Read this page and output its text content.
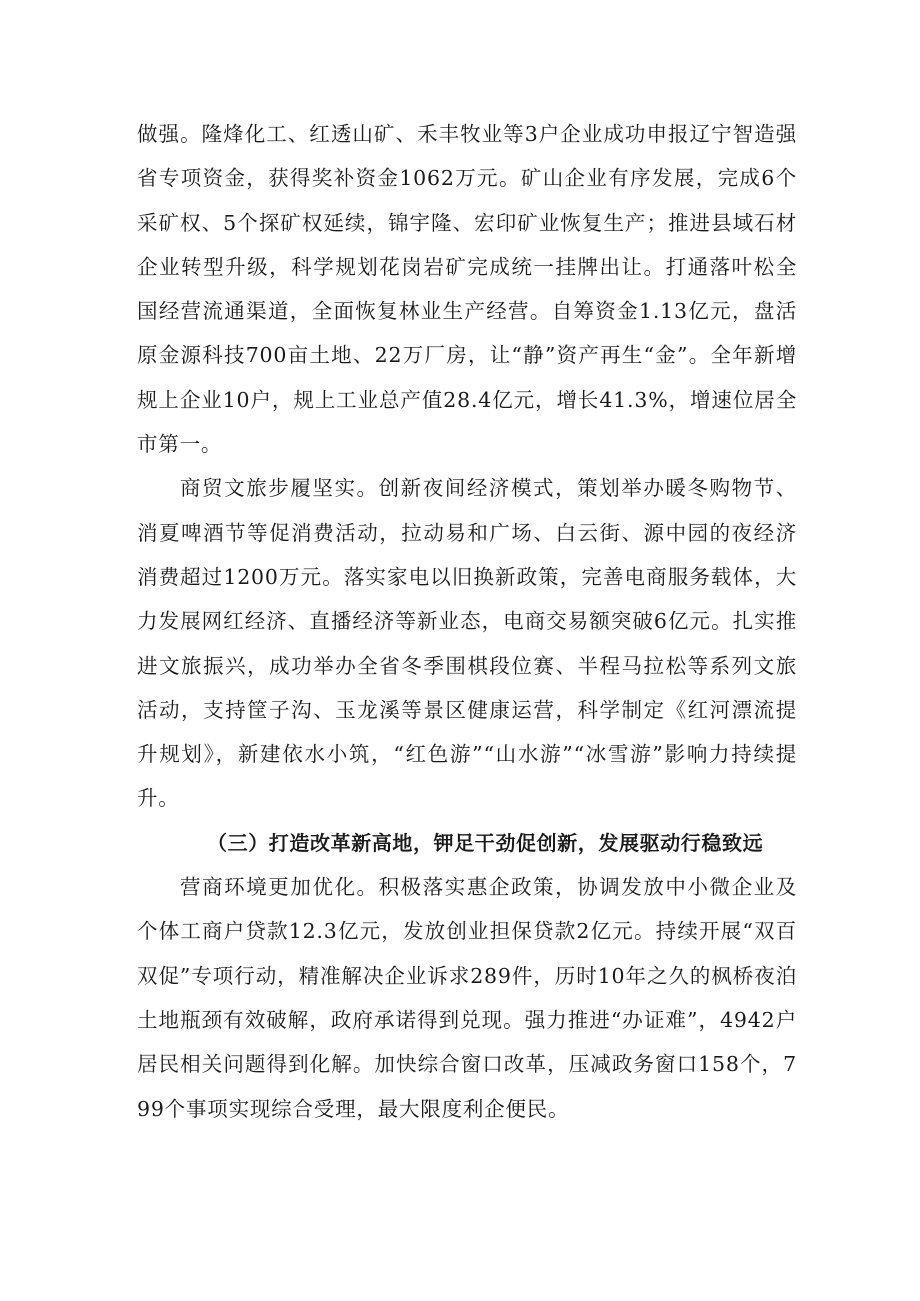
做强。隆烽化工、红透山矿、禾丰牧业等3户企业成功申报辽宁智造强省专项资金，获得奖补资金1062万元。矿山企业有序发展，完成6个采矿权、5个探矿权延续，锦宇隆、宏印矿业恢复生产；推进县域石材企业转型升级，科学规划花岗岩矿完成统一挂牌出让。打通落叶松全国经营流通渠道，全面恢复林业生产经营。自筹资金1.13亿元，盘活原金源科技700亩土地、22万厂房，让“静”资产再生“金”。全年新增规上企业10户，规上工业总产值28.4亿元，增长41.3%，增速位居全市第一。

商贸文旅步履坚实。创新夜间经济模式，策划举办暖冬购物节、消夏啤酒节等促消费活动，拉动易和广场、白云街、源中园的夜经济消费超过1200万元。落实家电以旧换新政策，完善电商服务载体，大力发展网红经济、直播经济等新业态，电商交易额突破6亿元。扎实推进文旅振兴，成功举办全省冬季围棋段位赛、半程马拉松等系列文旅活动，支持筐子沟、玉龙溪等景区健康运营，科学制定《红河漂流提升规划》，新建依水小筑，“红色游”“山水游”“冰雪游”影响力持续提升。

（三）打造改革新高地，钾足干劲促创新，发展驱动行稳致远

营商环境更加优化。积极落实惠企政策，协调发放中小微企业及个体工商户贷款12.3亿元，发放创业担保贷款2亿元。持续开展“双百双促”专项行动，精准解决企业诉求289件，历时10年之久的枫桥夜泊土地瓶颈有效破解，政府承诺得到兑现。强力推进“办证难”，4942户居民相关问题得到化解。加快综合窗口改革，压减政务窗口158个，799个事项实现综合受理，最大限度利企便民。
